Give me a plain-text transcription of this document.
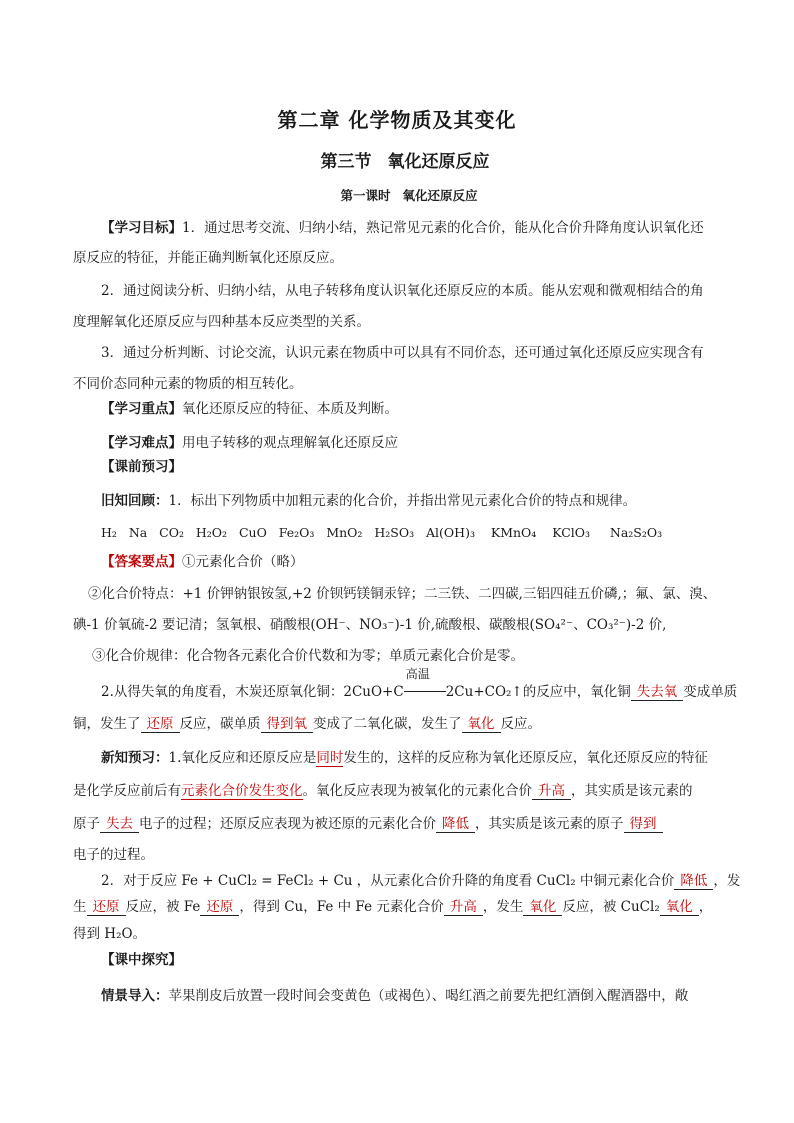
第二章 化学物质及其变化
第三节 氧化还原反应
第一课时 氧化还原反应
【学习目标】1．通过思考交流、归纳小结，熟记常见元素的化合价，能从化合价升降角度认识氧化还
原反应的特征，并能正确判断氧化还原反应。
2．通过阅读分析、归纳小结，从电子转移角度认识氧化还原反应的本质。能从宏观和微观相结合的角
度理解氧化还原反应与四种基本反应类型的关系。
3．通过分析判断、讨论交流，认识元素在物质中可以具有不同价态，还可通过氧化还原反应实现含有
不同价态同种元素的物质的相互转化。
【学习重点】氧化还原反应的特征、本质及判断。
【学习难点】用电子转移的观点理解氧化还原反应
【课前预习】
旧知回顾：1．标出下列物质中加粗元素的化合价，并指出常见元素化合价的特点和规律。
H₂   Na   CO₂   H₂O₂   CuO   Fe₂O₃   MnO₂   H₂SO₃   Al(OH)₃    KMnO₄    KClO₃     Na₂S₂O₃
【答案要点】①元素化合价（略）
②化合价特点：+1 价钾钠银铵氢,+2 价钡钙镁铜汞锌；二三铁、二四碳,三铝四硅五价磷,；氟、氯、溴、
碘-1 价氧硫-2 要记清；氢氧根、硝酸根(OH⁻、NO₃⁻)-1 价,硫酸根、碳酸根(SO₄²⁻、CO₃²⁻)-2 价,
③化合价规律：化合物各元素化合价代数和为零；单质元素化合价是零。
2.从得失氧的角度看，木炭还原氧化铜：2CuO+C
高温
2Cu+CO₂↑的反应中，氧化铜 失去氧 变成单质
铜，发生了 还原 反应，碳单质 得到氧 变成了二氧化碳，发生了 氧化 反应。
新知预习：1.氧化反应和还原反应是同时发生的，这样的反应称为氧化还原反应，氧化还原反应的特征
是化学反应前后有元素化合价发生变化。氧化反应表现为被氧化的元素化合价 升高 ，其实质是该元素的
原子 失去 电子的过程；还原反应表现为被还原的元素化合价 降低 ，其实质是该元素的原子 得到
电子的过程。
2．对于反应 Fe + CuCl₂ = FeCl₂ + Cu ，从元素化合价升降的角度看 CuCl₂ 中铜元素化合价 降低 ，发
生 还原 反应，被 Fe 还原 ，得到 Cu，Fe 中 Fe 元素化合价 升高 ，发生 氧化 反应，被 CuCl₂ 氧化 ，
得到 H₂O。
【课中探究】
情景导入：苹果削皮后放置一段时间会变黄色（或褐色）、喝红酒之前要先把红酒倒入醒酒器中，敞
